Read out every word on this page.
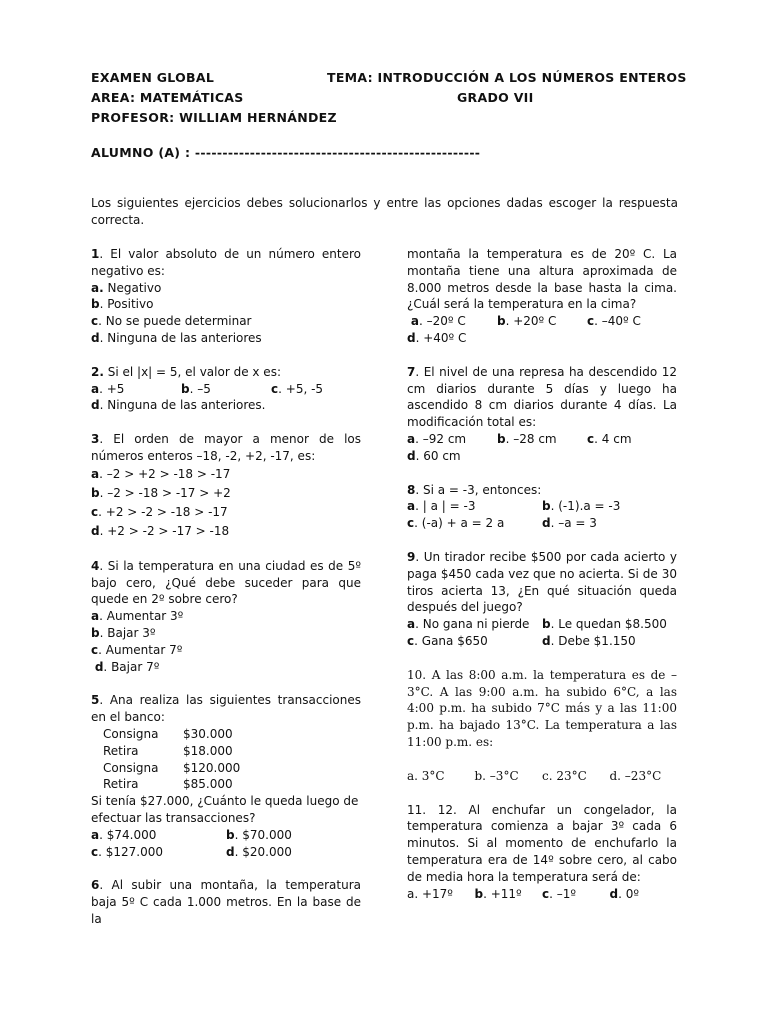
EXAMEN GLOBAL	TEMA: INTRODUCCIÓN A LOS NÚMEROS ENTEROS
AREA: MATEMÁTICAS	GRADO VII
PROFESOR: WILLIAM HERNÁNDEZ
ALUMNO (A) : ----------------------------------------------------
Los siguientes ejercicios debes solucionarlos y entre las opciones dadas escoger la respuesta correcta.
1. El valor absoluto de un número entero negativo es:
a. Negativo
b. Positivo
c. No se puede determinar
d. Ninguna de las anteriores
2. Si el |x| = 5, el valor de x es:
a. +5	b. –5	c. +5, -5
d. Ninguna de las anteriores.
3. El orden de mayor a menor de los números enteros –18, -2, +2, -17, es:
a. –2 > +2 > -18 > -17
b. –2 > -18 > -17 > +2
c. +2 > -2 > -18 > -17
d. +2 > -2 > -17 > -18
4. Si la temperatura en una ciudad es de 5º bajo cero, ¿Qué debe suceder para que quede en 2º sobre cero?
a. Aumentar 3º
b. Bajar 3º
c. Aumentar 7º
d. Bajar 7º
5. Ana realiza las siguientes transacciones en el banco:
Consigna	$30.000
Retira	$18.000
Consigna	$120.000
Retira	$85.000
Si tenía $27.000, ¿Cuánto le queda luego de efectuar las transacciones?
a. $74.000	b. $70.000
c. $127.000	d. $20.000
6. Al subir una montaña, la temperatura baja 5º C cada 1.000 metros. En la base de la
montaña la temperatura es de 20º C. La montaña tiene una altura aproximada de 8.000 metros desde la base hasta la cima. ¿Cuál será la temperatura en la cima?
a. –20º C	b. +20º C	c. –40º C
d. +40º C
7. El nivel de una represa ha descendido 12 cm diarios durante 5 días y luego ha ascendido 8 cm diarios durante 4 días. La modificación total es:
a. –92 cm	b. –28 cm	c. 4 cm
d. 60 cm
8. Si a = -3, entonces:
a. | a | = -3	b. (-1).a = -3
c. (-a) + a = 2 a	d. –a = 3
9. Un tirador recibe $500 por cada acierto y paga $450 cada vez que no acierta. Si de 30 tiros acierta 13, ¿En qué situación queda después del juego?
a. No gana ni pierde	b. Le quedan $8.500
c. Gana $650	d. Debe $1.150
10. A las 8:00 a.m. la temperatura es de –3°C. A las 9:00 a.m. ha subido 6°C, a las 4:00 p.m. ha subido 7°C más y a las 11:00 p.m. ha bajado 13°C. La temperatura a las 11:00 p.m. es:
a. 3°C	b. –3°C	c. 23°C	d. –23°C
11. 12. Al enchufar un congelador, la temperatura comienza a bajar 3º cada 6 minutos. Si al momento de enchufarlo la temperatura era de 14º sobre cero, al cabo de media hora la temperatura será de:
a. +17º	b. +11º	c. –1º	d. 0º
